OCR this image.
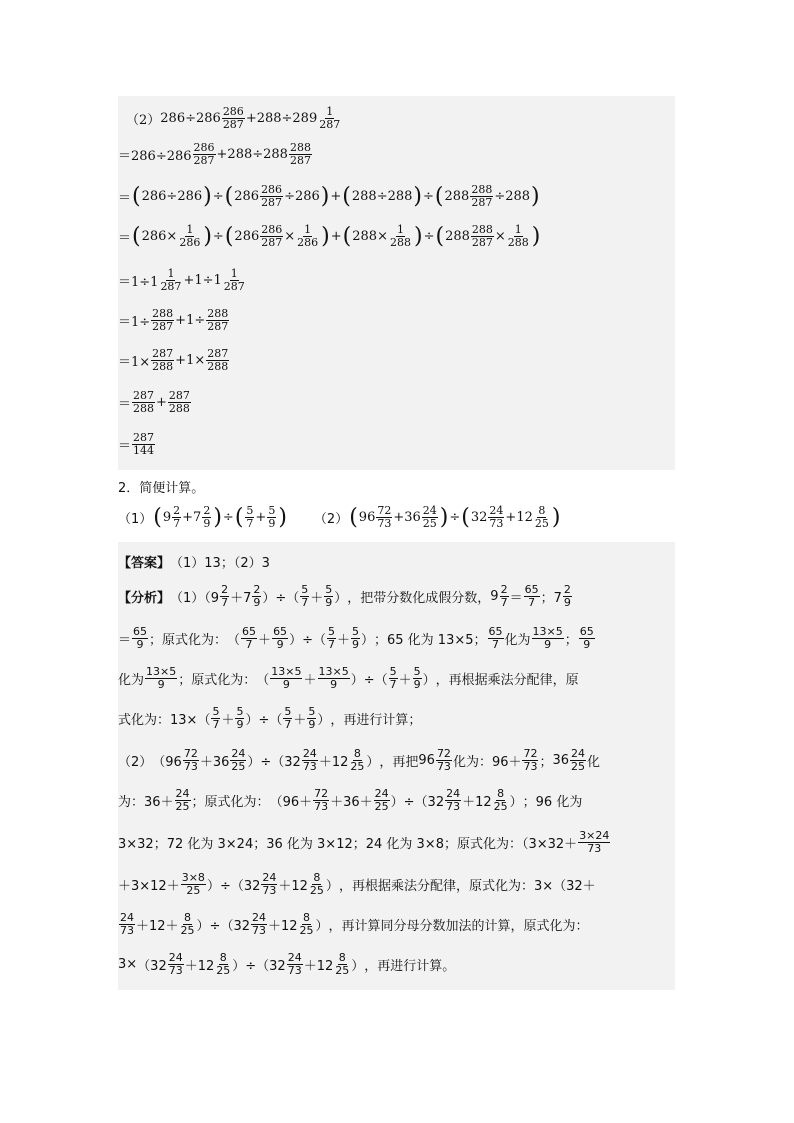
（2） $286\div 286 \frac{286}{287} +288\div 289 \frac{1}{287}$
$=286\div 286 \frac{286}{287} +288\div 288 \frac{288}{287}$
＝ ( 286÷286 ) ÷ ( $286 \frac{286}{287} \div 286$ ) + ( 288÷288 ) ÷ ( $288 \frac{288}{287} \div 288$ )
＝ ( $286\times \frac{1}{286}$ ) ÷ ( $286 \frac{286}{287} \times \frac{1}{286}$ ) + ( $288\times \frac{1}{288}$ ) ÷ ( $288 \frac{288}{287} \times \frac{1}{288}$ )
$=1\div 1 \frac{1}{287} +1\div 1 \frac{1}{287}$
$=1\div \frac{288}{287} +1\div \frac{288}{287}$
$=1\times \frac{287}{288} +1\times \frac{287}{288}$
＝ $\frac{287}{288} + \frac{287}{288}$
＝ $\frac{287}{144}$
2．简便计算。
（1） ( $9 \frac{2}{7} +7 \frac{2}{9}$ ) ÷ ( $\frac{5}{7} + \frac{5}{9}$ ) （2） ( $96 \frac{72}{73} +36 \frac{24}{25}$ ) ÷ ( $32 \frac{24}{73} +12 \frac{8}{25}$ )
【答案】 （1）13；（2）3
【分析】 $(1)(9 \frac{2}{7} +7 \frac{2}{9}$ ）÷（ $\frac{5}{7} + \frac{5}{9}$ ） ，把带分数化成假分数， $9 \frac{2}{7} = \frac{65}{7}$ ；$7 \frac{2}{9}$
＝ $\frac{65}{9}$ ；原式化为： （ $\frac{65}{7} + \frac{65}{9}$ ）÷（ $\frac{5}{7} + \frac{5}{9}$ ） ；65 化为 13×5； $\frac{65}{7}$ 化为 $\frac{13\times 5}{9}$ ； $\frac{65}{9}$
化为 $\frac{13\times 5}{9}$ ；原式化为： （ $\frac{13\times 5}{9} + \frac{13\times 5}{9}$ ）÷（ $\frac{5}{7} + \frac{5}{9}$ ） ，再根据乘法分配律，原
式化为：13× （ $\frac{5}{7} + \frac{5}{9}$ ）÷（ $\frac{5}{7} + \frac{5}{9}$ ） ，再进行计算；
（2） $(96 \frac{72}{73} +36 \frac{24}{25} )\div(32 \frac{24}{73} +12 \frac{8}{25}$ ） ，再把 $96 \frac{72}{73}$ 化为：$96+ \frac{72}{73}$ ； $36 \frac{24}{25}$ 化
为：$36+ \frac{24}{25}$ ；原式化为： $(96+ \frac{72}{73} +36+ \frac{24}{25} )\div(32 \frac{24}{73} +12 \frac{8}{25}$ ） ；96 化为
3×32；72 化为 3×24；36 化为 3×12；24 化为 3×8；原式化为：（$3\times 32+ \frac{3\times 24}{73}$
$+3\times 12+ \frac{3\times 8}{25} )\div(32 \frac{24}{73} +12 \frac{8}{25}$ ） ，再根据乘法分配律，原式化为：3×（32＋
$\frac{24}{73} +12+ \frac{8}{25} )\div(32 \frac{24}{73} +12 \frac{8}{25}$ ） ，再计算同分母分数加法的计算，原式化为：
$3\times (32 \frac{24}{73} +12 \frac{8}{25} )\div(32 \frac{24}{73} +12 \frac{8}{25}$ ） ，再进行计算。
